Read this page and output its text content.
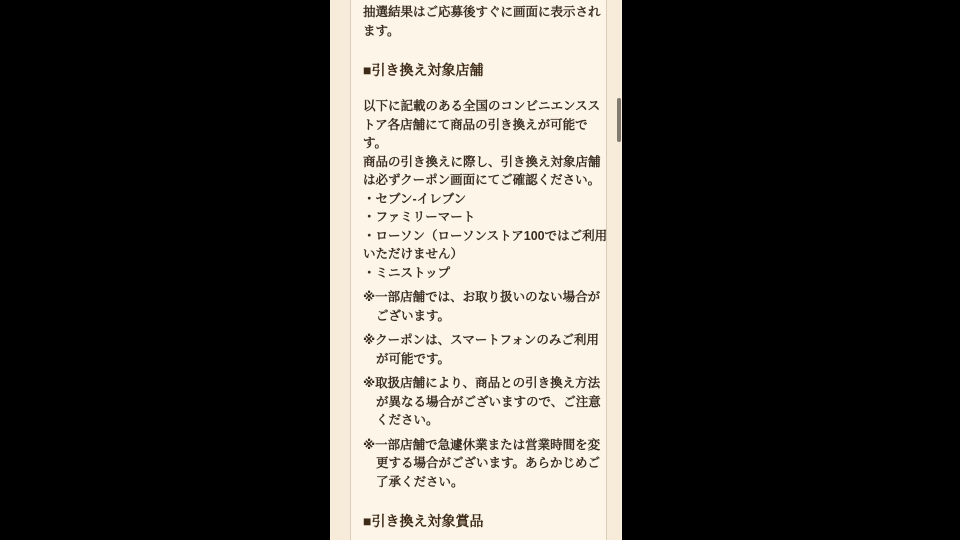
抽選結果はご応募後すぐに画面に表示され
ます。
■引き換え対象店舗
以下に記載のある全国のコンビニエンスス
トア各店舗にて商品の引き換えが可能で
す。
商品の引き換えに際し、引き換え対象店舗
は必ずクーポン画面にてご確認ください。
・セブン-イレブン
・ファミリーマート
・ローソン（ローソンストア100ではご利用
いただけません）
・ミニストップ
※一部店舗では、お取り扱いのない場合が
ございます。
※クーポンは、スマートフォンのみご利用
が可能です。
※取扱店舗により、商品との引き換え方法
が異なる場合がございますので、ご注意
ください。
※一部店舗で急遽休業または営業時間を変
更する場合がございます。あらかじめご
了承ください。
■引き換え対象賞品
